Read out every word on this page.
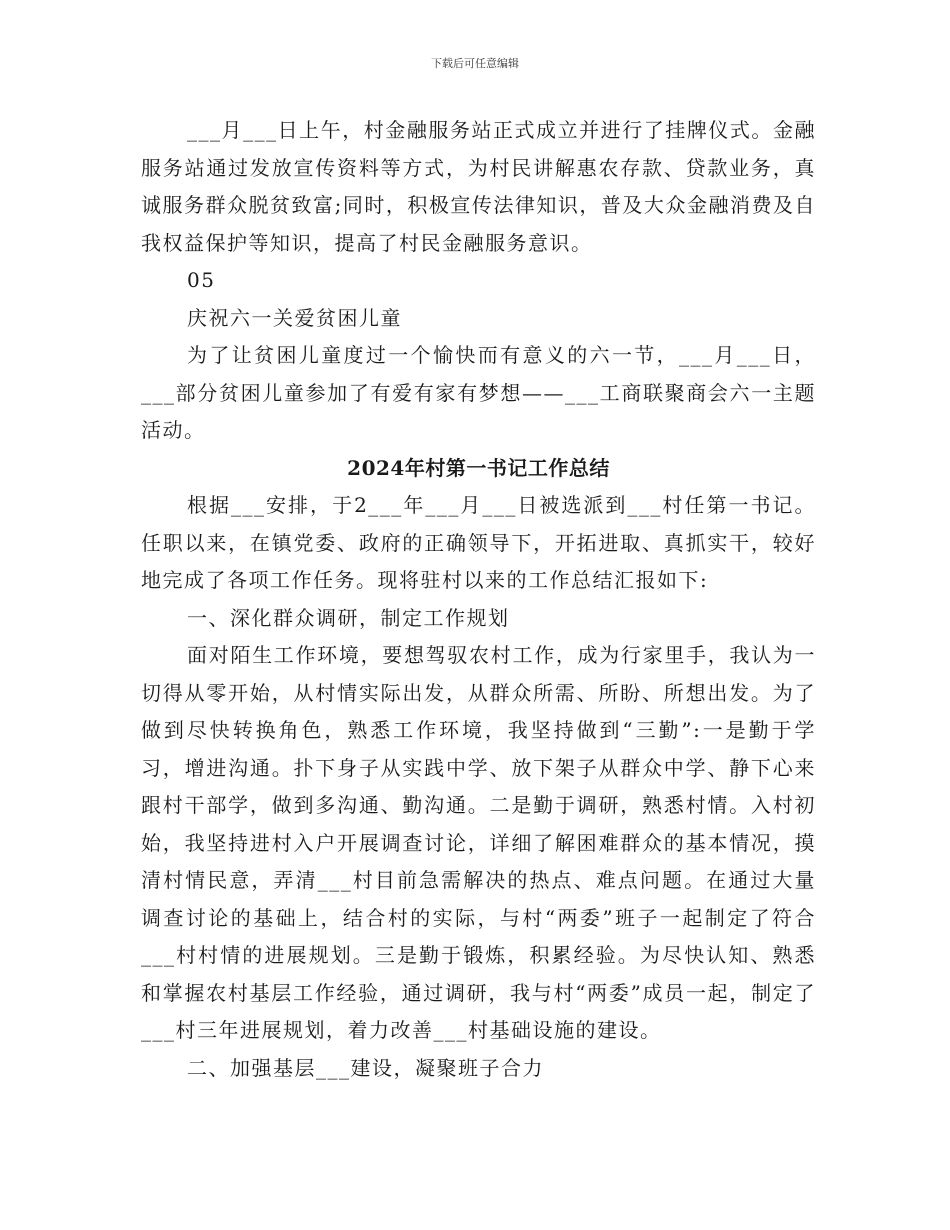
下载后可任意编辑

___月___日上午，村金融服务站正式成立并进行了挂牌仪式。金融服务站通过发放宣传资料等方式，为村民讲解惠农存款、贷款业务，真诚服务群众脱贫致富;同时，积极宣传法律知识，普及大众金融消费及自我权益保护等知识，提高了村民金融服务意识。

05

庆祝六一关爱贫困儿童

为了让贫困儿童度过一个愉快而有意义的六一节，___月___日，___部分贫困儿童参加了有爱有家有梦想——___工商联聚商会六一主题活动。

2024年村第一书记工作总结

根据___安排，于2___年___月___日被选派到___村任第一书记。任职以来，在镇党委、政府的正确领导下，开拓进取、真抓实干，较好地完成了各项工作任务。现将驻村以来的工作总结汇报如下:

一、深化群众调研，制定工作规划

面对陌生工作环境，要想驾驭农村工作，成为行家里手，我认为一切得从零开始，从村情实际出发，从群众所需、所盼、所想出发。为了做到尽快转换角色，熟悉工作环境，我坚持做到“三勤”:一是勤于学习，增进沟通。扑下身子从实践中学、放下架子从群众中学、静下心来跟村干部学，做到多沟通、勤沟通。二是勤于调研，熟悉村情。入村初始，我坚持进村入户开展调查讨论，详细了解困难群众的基本情况，摸清村情民意，弄清___村目前急需解决的热点、难点问题。在通过大量调查讨论的基础上，结合村的实际，与村“两委”班子一起制定了符合___村村情的进展规划。三是勤于锻炼，积累经验。为尽快认知、熟悉和掌握农村基层工作经验，通过调研，我与村“两委”成员一起，制定了___村三年进展规划，着力改善___村基础设施的建设。

二、加强基层___建设，凝聚班子合力
